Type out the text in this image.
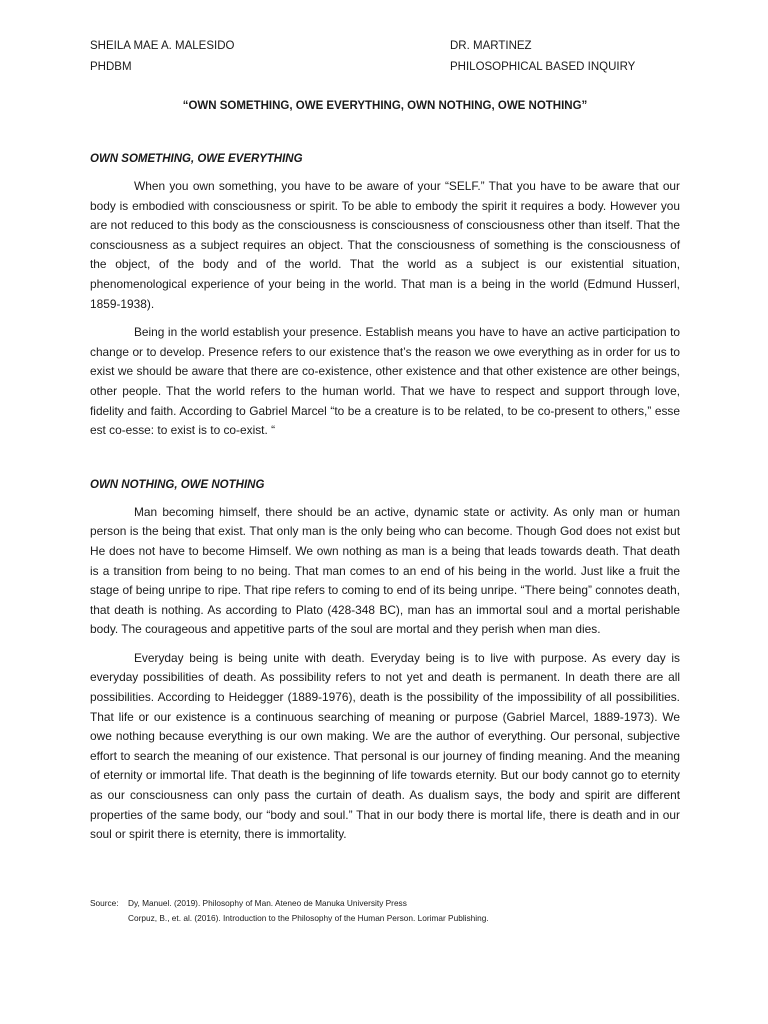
SHEILA MAE A. MALESIDO
PHDBM
DR. MARTINEZ
PHILOSOPHICAL BASED INQUIRY
“OWN SOMETHING, OWE EVERYTHING, OWN NOTHING, OWE NOTHING”
OWN SOMETHING, OWE EVERYTHING

When you own something, you have to be aware of your “SELF.” That you have to be aware that our body is embodied with consciousness or spirit. To be able to embody the spirit it requires a body. However you are not reduced to this body as the consciousness is consciousness of consciousness other than itself. That the consciousness as a subject requires an object. That the consciousness of something is the consciousness of the object, of the body and of the world. That the world as a subject is our existential situation, phenomenological experience of your being in the world. That man is a being in the world (Edmund Husserl, 1859-1938).

Being in the world establish your presence. Establish means you have to have an active participation to change or to develop. Presence refers to our existence that’s the reason we owe everything as in order for us to exist we should be aware that there are co-existence, other existence and that other existence are other beings, other people. That the world refers to the human world. That we have to respect and support through love, fidelity and faith. According to Gabriel Marcel “to be a creature is to be related, to be co-present to others,” esse est co-esse: to exist is to co-exist. “

OWN NOTHING, OWE NOTHING

Man becoming himself, there should be an active, dynamic state or activity. As only man or human person is the being that exist. That only man is the only being who can become. Though God does not exist but He does not have to become Himself. We own nothing as man is a being that leads towards death. That death is a transition from being to no being. That man comes to an end of his being in the world. Just like a fruit the stage of being unripe to ripe. That ripe refers to coming to end of its being unripe. “There being” connotes death, that death is nothing. As according to Plato (428-348 BC), man has an immortal soul and a mortal perishable body. The courageous and appetitive parts of the soul are mortal and they perish when man dies.

Everyday being is being unite with death. Everyday being is to live with purpose. As every day is everyday possibilities of death. As possibility refers to not yet and death is permanent. In death there are all possibilities. According to Heidegger (1889-1976), death is the possibility of the impossibility of all possibilities. That life or our existence is a continuous searching of meaning or purpose (Gabriel Marcel, 1889-1973). We owe nothing because everything is our own making. We are the author of everything. Our personal, subjective effort to search the meaning of our existence. That personal is our journey of finding meaning. And the meaning of eternity or immortal life. That death is the beginning of life towards eternity. But our body cannot go to eternity as our consciousness can only pass the curtain of death. As dualism says, the body and spirit are different properties of the same body, our “body and soul.” That in our body there is mortal life, there is death and in our soul or spirit there is eternity, there is immortality.

Source:	Dy, Manuel. (2019). Philosophy of Man. Ateneo de Manuka University Press
Corpuz, B., et. al. (2016). Introduction to the Philosophy of the Human Person. Lorimar Publishing.
